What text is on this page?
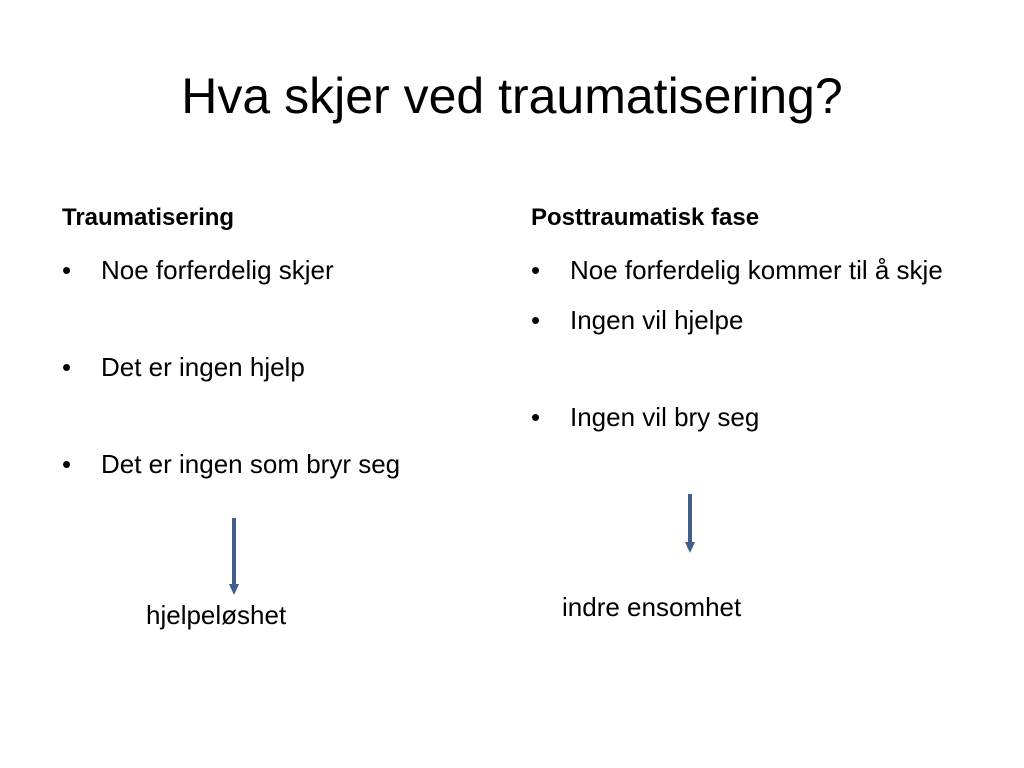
Hva skjer ved traumatisering?
Traumatisering
• Noe forferdelig skjer
• Det er ingen hjelp
• Det er ingen som bryr seg
hjelpeløshet
Posttraumatisk fase
• Noe forferdelig kommer til å skje
• Ingen vil hjelpe
• Ingen vil bry seg
indre ensomhet
